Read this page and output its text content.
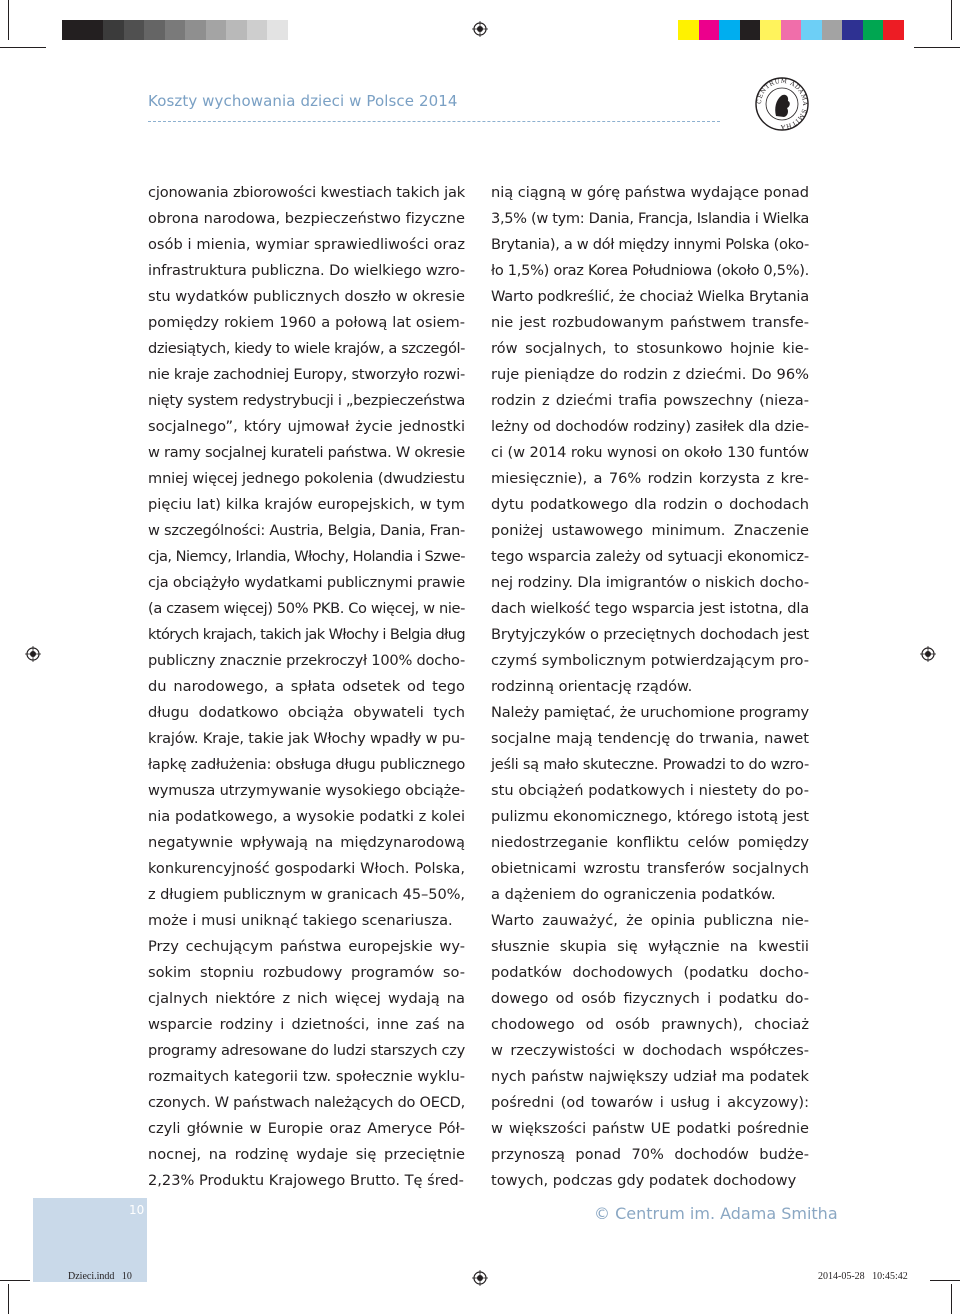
Koszty wychowania dzieci w Polsce 2014	CENTRUM ADAMA SMITHA
cjonowania zbiorowości kwestiach takich jak
obrona narodowa, bezpieczeństwo fizyczne
osób i mienia, wymiar sprawiedliwości oraz
infrastruktura publiczna. Do wielkiego wzro-
stu wydatków publicznych doszło w okresie
pomiędzy rokiem 1960 a połową lat osiem-
dziesiątych, kiedy to wiele krajów, a szczegól-
nie kraje zachodniej Europy, stworzyło rozwi-
nięty system redystrybucji i „bezpieczeństwa
socjalnego”, który ujmował życie jednostki
w ramy socjalnej kurateli państwa. W okresie
mniej więcej jednego pokolenia (dwudziestu
pięciu lat) kilka krajów europejskich, w tym
w szczególności: Austria, Belgia, Dania, Fran-
cja, Niemcy, Irlandia, Włochy, Holandia i Szwe-
cja obciążyło wydatkami publicznymi prawie
(a czasem więcej) 50% PKB. Co więcej, w nie-
których krajach, takich jak Włochy i Belgia dług
publiczny znacznie przekroczył 100% docho-
du narodowego, a spłata odsetek od tego
długu dodatkowo obciąża obywateli tych
krajów. Kraje, takie jak Włochy wpadły w pu-
łapkę zadłużenia: obsługa długu publicznego
wymusza utrzymywanie wysokiego obciąże-
nia podatkowego, a wysokie podatki z kolei
negatywnie wpływają na międzynarodową
konkurencyjność gospodarki Włoch. Polska,
z długiem publicznym w granicach 45–50%,
może i musi uniknąć takiego scenariusza.
Przy cechującym państwa europejskie wy-
sokim stopniu rozbudowy programów so-
cjalnych niektóre z nich więcej wydają na
wsparcie rodziny i dzietności, inne zaś na
programy adresowane do ludzi starszych czy
rozmaitych kategorii tzw. społecznie wyklu-
czonych. W państwach należących do OECD,
czyli głównie w Europie oraz Ameryce Pół-
nocnej, na rodzinę wydaje się przeciętnie
2,23% Produktu Krajowego Brutto. Tę śred-
nią ciągną w górę państwa wydające ponad
3,5% (w tym: Dania, Francja, Islandia i Wielka
Brytania), a w dół między innymi Polska (oko-
ło 1,5%) oraz Korea Południowa (około 0,5%).
Warto podkreślić, że chociaż Wielka Brytania
nie jest rozbudowanym państwem transfe-
rów socjalnych, to stosunkowo hojnie kie-
ruje pieniądze do rodzin z dziećmi. Do 96%
rodzin z dziećmi trafia powszechny (nieza-
leżny od dochodów rodziny) zasiłek dla dzie-
ci (w 2014 roku wynosi on około 130 funtów
miesięcznie), a 76% rodzin korzysta z kre-
dytu podatkowego dla rodzin o dochodach
poniżej ustawowego minimum. Znaczenie
tego wsparcia zależy od sytuacji ekonomicz-
nej rodziny. Dla imigrantów o niskich docho-
dach wielkość tego wsparcia jest istotna, dla
Brytyjczyków o przeciętnych dochodach jest
czymś symbolicznym potwierdzającym pro-
rodzinną orientację rządów.
Należy pamiętać, że uruchomione programy
socjalne mają tendencję do trwania, nawet
jeśli są mało skuteczne. Prowadzi to do wzro-
stu obciążeń podatkowych i niestety do po-
pulizmu ekonomicznego, którego istotą jest
niedostrzeganie konfliktu celów pomiędzy
obietnicami wzrostu transferów socjalnych
a dążeniem do ograniczenia podatków.
Warto zauważyć, że opinia publiczna nie-
słusznie skupia się wyłącznie na kwestii
podatków dochodowych (podatku docho-
dowego od osób fizycznych i podatku do-
chodowego od osób prawnych), chociaż
w rzeczywistości w dochodach współczes-
nych państw największy udział ma podatek
pośredni (od towarów i usług i akcyzowy):
w większości państw UE podatki pośrednie
przynoszą ponad 70% dochodów budże-
towych, podczas gdy podatek dochodowy
10	© Centrum im. Adama Smitha
Dzieci.indd   10	2014-05-28   10:45:42
